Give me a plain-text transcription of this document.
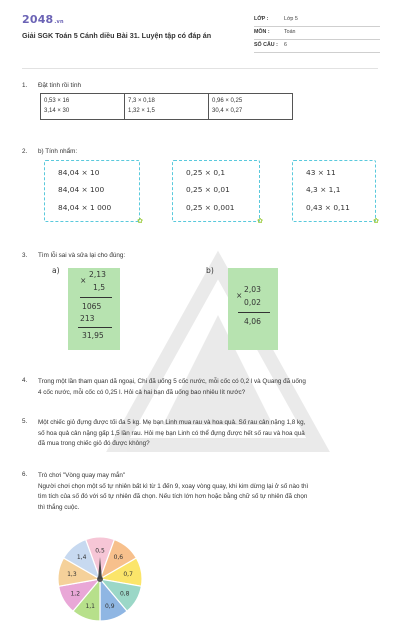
2048.vn
Giải SGK Toán 5 Cánh diều Bài 31. Luyện tập có đáp án
LỚP :	Lớp 5
MÔN :	Toán
SỐ CÂU : 6
1. Đặt tính rồi tính
0,53 × 16
3,14 × 30

7,3 × 0,18
1,32 × 1,5

0,96 × 0,25
30,4 × 0,27
2. b) Tính nhẩm:
84,04 × 10
84,04 × 100
84,04 × 1 000
✿
0,25 × 0,1
0,25 × 0,01
0,25 × 0,001
✿
43 × 11
4,3 × 1,1
0,43 × 0,11
✿
3. Tìm lỗi sai và sửa lại cho đúng:
a)
×
2,13
1,5
1065
213
31,95
b)
×
2,03
0,02
4,06
4. Trong một lần tham quan dã ngoại, Chi đã uống 5 cốc nước, mỗi cốc có 0,2 l và Quang đã uống
4 cốc nước, mỗi cốc có 0,25 l. Hỏi cả hai bạn đã uống bao nhiêu lít nước?
5. Một chiếc giỏ đựng được tối đa 5 kg. Mẹ bạn Linh mua rau và hoa quả. Số rau cân nặng 1,8 kg,
số hoa quả cân nặng gấp 1,5 lần rau. Hỏi mẹ bạn Linh có thể đựng được hết số rau và hoa quả
đã mua trong chiếc giỏ đó được không?
6. Trò chơi "Vòng quay may mắn"
Người chơi chọn một số tự nhiên bất kì từ 1 đến 9, xoay vòng quay, khi kim dừng lại ở số nào thì
tìm tích của số đó với số tự nhiên đã chọn. Nếu tích lớn hơn hoặc bằng chữ số tự nhiên đã chọn
thì thắng cuộc.
0,5
0,6
0,7
0,8
0,9
1,1
1,2
1,3
1,4
